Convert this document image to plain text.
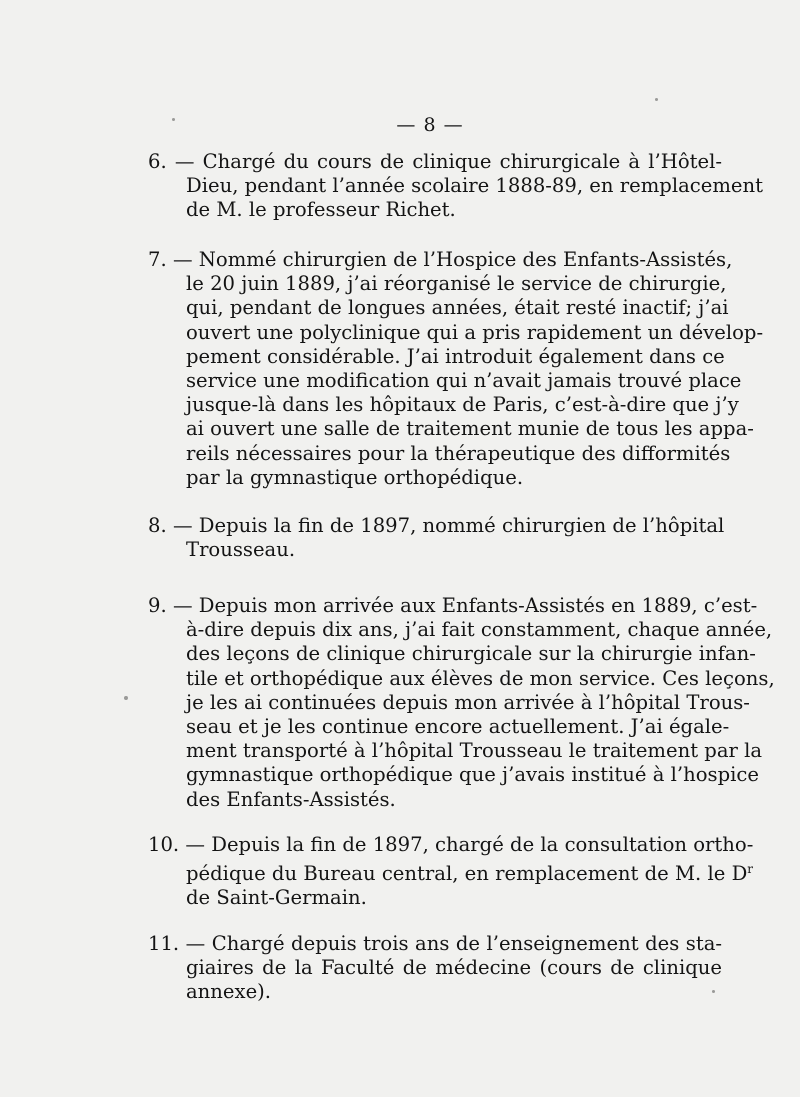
— 8 —
6. — Chargé du cours de clinique chirurgicale à l’Hôtel-
Dieu, pendant l’année scolaire 1888-89, en remplacement
de M. le professeur Richet.
7. — Nommé chirurgien de l’Hospice des Enfants-Assistés,
le 20 juin 1889, j’ai réorganisé le service de chirurgie,
qui, pendant de longues années, était resté inactif; j’ai
ouvert une polyclinique qui a pris rapidement un dévelop-
pement considérable. J’ai introduit également dans ce
service une modification qui n’avait jamais trouvé place
jusque-là dans les hôpitaux de Paris, c’est-à-dire que j’y
ai ouvert une salle de traitement munie de tous les appa-
reils nécessaires pour la thérapeutique des difformités
par la gymnastique orthopédique.
8. — Depuis la fin de 1897, nommé chirurgien de l’hôpital
Trousseau.
9. — Depuis mon arrivée aux Enfants-Assistés en 1889, c’est-
à-dire depuis dix ans, j’ai fait constamment, chaque année,
des leçons de clinique chirurgicale sur la chirurgie infan-
tile et orthopédique aux élèves de mon service. Ces leçons,
je les ai continuées depuis mon arrivée à l’hôpital Trous-
seau et je les continue encore actuellement. J’ai égale-
ment transporté à l’hôpital Trousseau le traitement par la
gymnastique orthopédique que j’avais institué à l’hospice
des Enfants-Assistés.
10. — Depuis la fin de 1897, chargé de la consultation ortho-
pédique du Bureau central, en remplacement de M. le $D^r$
de Saint-Germain.
11. — Chargé depuis trois ans de l’enseignement des sta-
giaires de la Faculté de médecine (cours de clinique
annexe).
